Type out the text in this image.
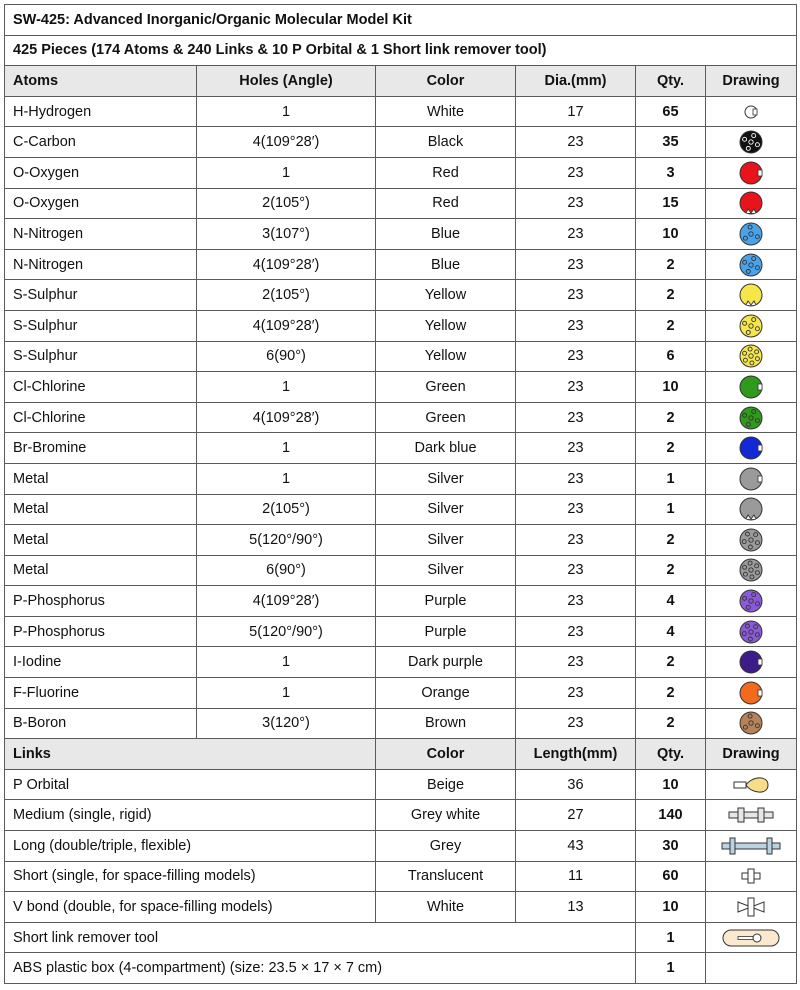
SW-425: Advanced Inorganic/Organic Molecular Model Kit					
425 Pieces (174 Atoms & 240 Links & 10 P Orbital & 1 Short link remover tool)					
Atoms	Holes (Angle)	Color	Dia.(mm)	Qty.	Drawing
H-Hydrogen	1	White	17	65	

C-Carbon	4(109°28′)	Black	23	35	

O-Oxygen	1	Red	23	3	

O-Oxygen	2(105°)	Red	23	15	

N-Nitrogen	3(107°)	Blue	23	10	

N-Nitrogen	4(109°28′)	Blue	23	2	

S-Sulphur	2(105°)	Yellow	23	2	

S-Sulphur	4(109°28′)	Yellow	23	2	

S-Sulphur	6(90°)	Yellow	23	6	

Cl-Chlorine	1	Green	23	10	

Cl-Chlorine	4(109°28′)	Green	23	2	

Br-Bromine	1	Dark blue	23	2	

Metal	1	Silver	23	1	

Metal	2(105°)	Silver	23	1	

Metal	5(120°/90°)	Silver	23	2	

Metal	6(90°)	Silver	23	2	

P-Phosphorus	4(109°28′)	Purple	23	4	

P-Phosphorus	5(120°/90°)	Purple	23	4	

I-Iodine	1	Dark purple	23	2	

F-Fluorine	1	Orange	23	2	

B-Boron	3(120°)	Brown	23	2	

Links		Color	Length(mm)	Qty.	Drawing
P Orbital		Beige	36	10	

Medium (single, rigid)		Grey white	27	140	

Long (double/triple, flexible)		Grey	43	30	

Short (single, for space-filling models)		Translucent	11	60	

V bond (double, for space-filling models)		White	13	10	

Short link remover tool				1	

ABS plastic box (4-compartment) (size: 23.5 × 17 × 7 cm)				1	
